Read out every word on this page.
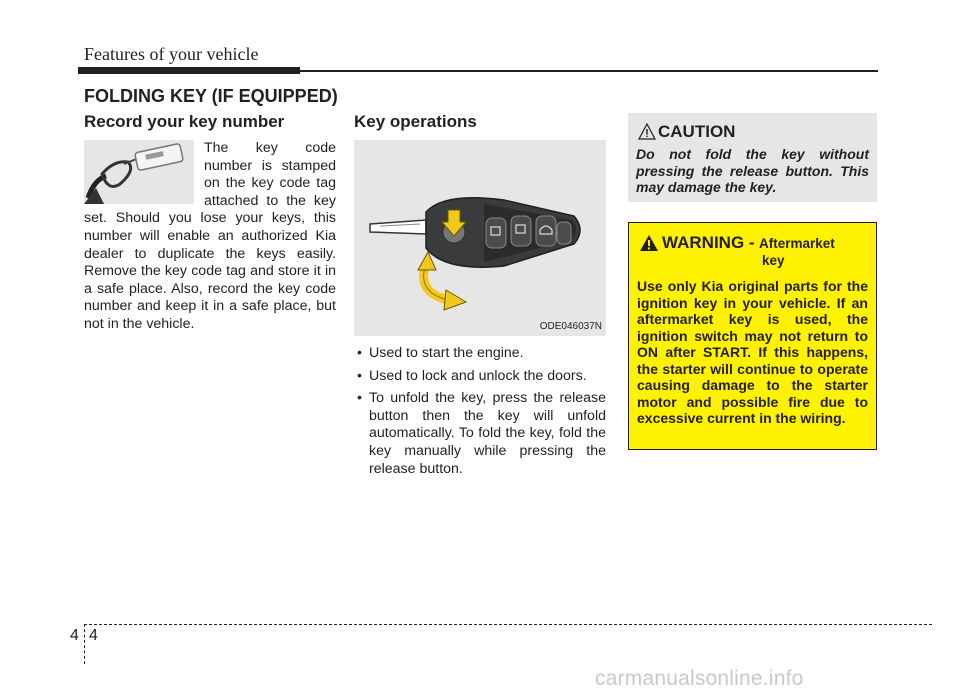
Features of your vehicle
FOLDING KEY (IF EQUIPPED)
Record your key number
The key code number is stamped on the key code tag attached to the key set. Should you lose your keys, this number will enable an authorized Kia dealer to duplicate the keys easily. Remove the key code tag and store it in a safe place. Also, record the key code number and keep it in a safe place, but not in the vehicle.
Key operations
ODE046037N
• Used to start the engine.
• Used to lock and unlock the doors.
• To unfold the key, press the release button then the key will unfold automatically. To fold the key, fold the key manually while pressing the release button.
CAUTION
Do not fold the key without pressing the release button. This may damage the key.
WARNING - Aftermarket
key
Use only Kia original parts for the ignition key in your vehicle. If an aftermarket key is used, the ignition switch may not return to ON after START. If this happens, the starter will continue to operate causing damage to the starter motor and possible fire due to excessive current in the wiring.
4 4
carmanualsonline.info
